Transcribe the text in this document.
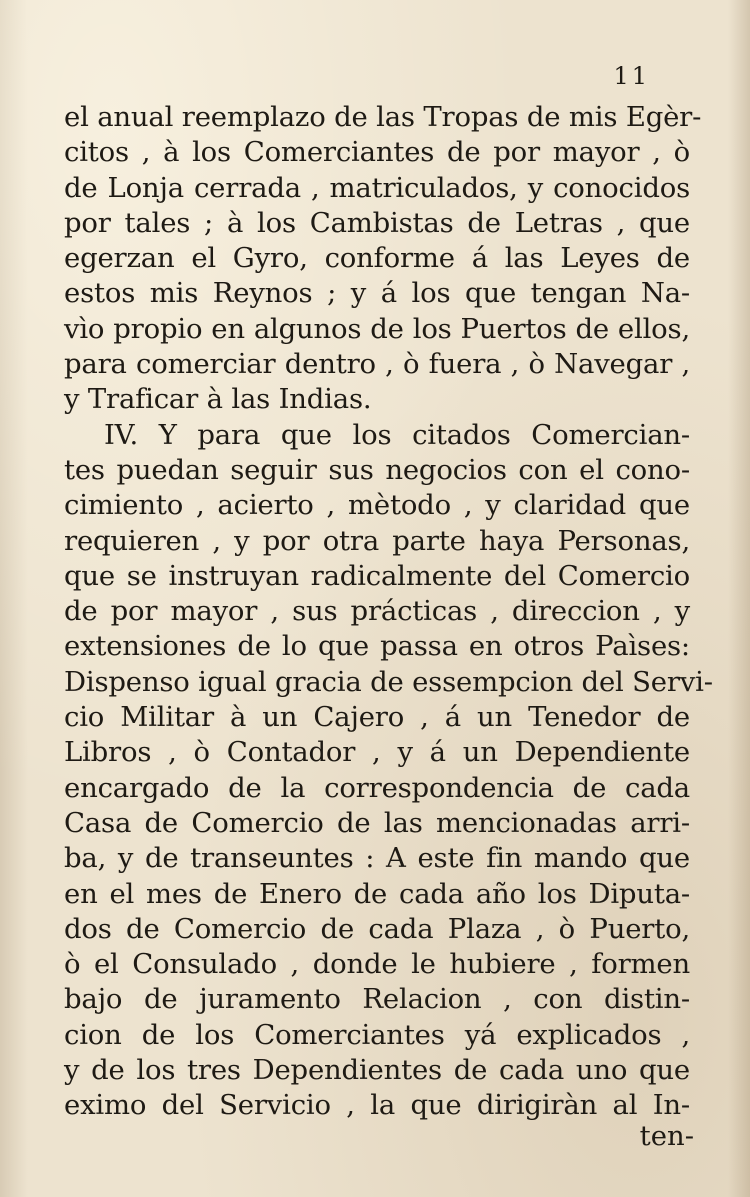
11
el anual reemplazo de las Tropas de mis Egèr-
citos , à los Comerciantes de por mayor , ò
de Lonja cerrada , matriculados, y conocidos
por tales ; à los Cambistas de Letras , que
egerzan el Gyro, conforme á las Leyes de
estos mis Reynos ; y á los que tengan Na-
vìo propio en algunos de los Puertos de ellos,
para comerciar dentro , ò fuera , ò Navegar ,
y Traficar à las Indias.
IV. Y para que los citados Comercian-
tes puedan seguir sus negocios con el cono-
cimiento , acierto , mètodo , y claridad que
requieren , y por otra parte haya Personas,
que se instruyan radicalmente del Comercio
de por mayor , sus prácticas , direccion , y
extensiones de lo que passa en otros Paìses:
Dispenso igual gracia de essempcion del Servi-
cio Militar à un Cajero , á un Tenedor de
Libros , ò Contador , y á un Dependiente
encargado de la correspondencia de cada
Casa de Comercio de las mencionadas arri-
ba, y de transeuntes : A este fin mando que
en el mes de Enero de cada año los Diputa-
dos de Comercio de cada Plaza , ò Puerto,
ò el Consulado , donde le hubiere , formen
bajo de juramento Relacion , con distin-
cion de los Comerciantes yá explicados ,
y de los tres Dependientes de cada uno que
eximo del Servicio , la que dirigiràn al In-
ten-
